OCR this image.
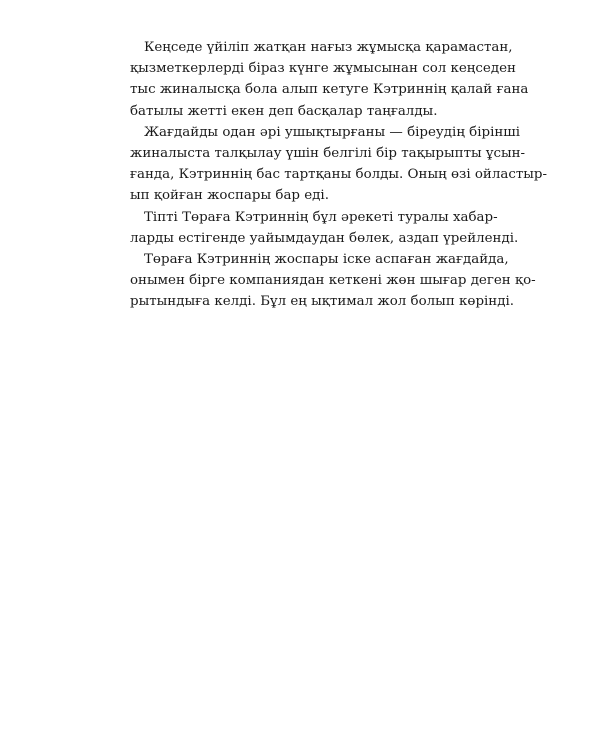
Кеңседе үйіліп жатқан нағыз жұмысқа қарамастан,
қызметкерлерді біраз күнге жұмысынан сол кеңседен
тыс жиналысқа бола алып кетуге Кэтриннің қалай ғана
батылы жетті екен деп басқалар таңғалды.

Жағдайды одан әрі ушықтырғаны — біреудің бірінші
жиналыста талқылау үшін белгілі бір тақырыпты ұсын-
ғанда, Кэтриннің бас тартқаны болды. Оның өзі ойластыр-
ып қойған жоспары бар еді.

Тіпті Төраға Кэтриннің бұл әрекеті туралы хабар-
ларды естігенде уайымдаудан бөлек, аздап үрейленді.

Төраға Кэтриннің жоспары іске аспаған жағдайда,
онымен бірге компаниядан кеткені жөн шығар деген қо-
рытындыға келді. Бұл ең ықтимал жол болып көрінді.
